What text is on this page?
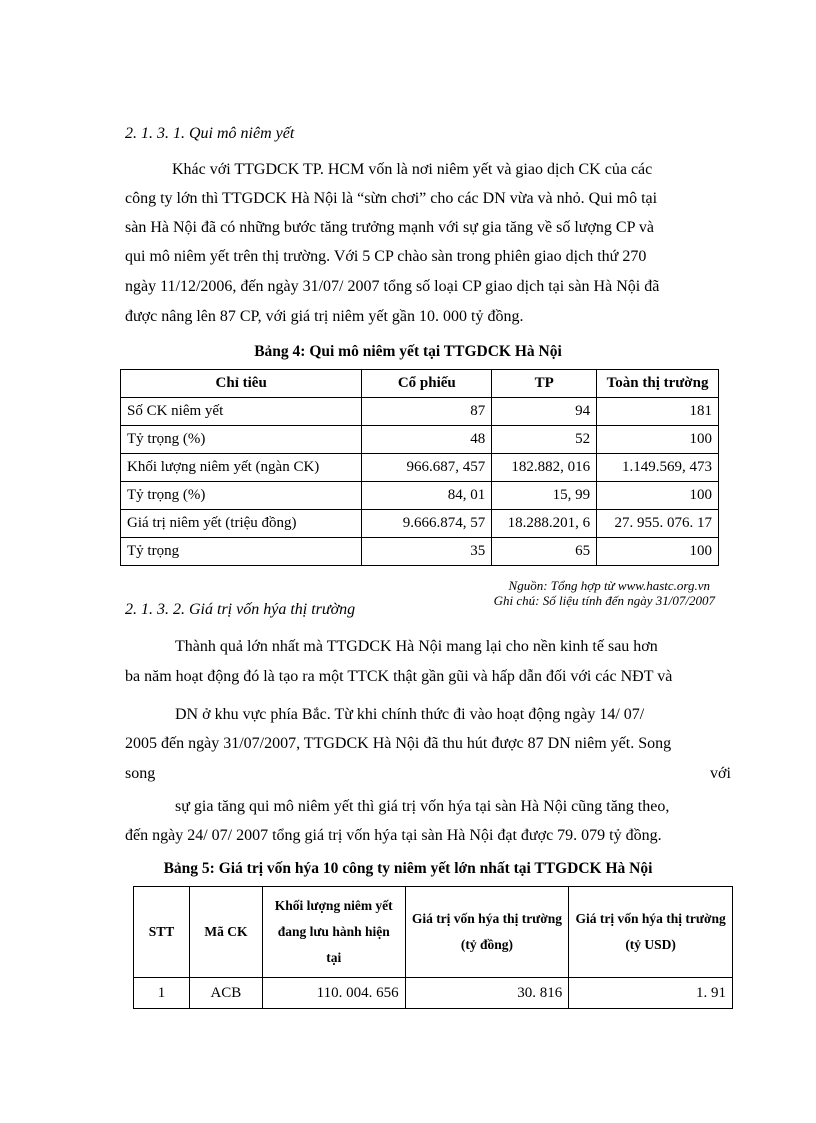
2. 1. 3. 1. Qui mô niêm yết
Khác với TTGDCK TP. HCM vốn là nơi niêm yết và giao dịch CK của các
công ty lớn thì TTGDCK Hà Nội là “sừn chơi” cho các DN vừa và nhỏ. Qui mô tại
sàn Hà Nội đã có những bước tăng trưởng mạnh với sự gia tăng về số lượng CP và
qui mô niêm yết trên thị trường. Với 5 CP chào sàn trong phiên giao dịch thứ 270
ngày 11/12/2006, đến ngày 31/07/ 2007 tổng số loại CP giao dịch tại sàn Hà Nội đã
được nâng lên 87 CP, với giá trị niêm yết gần 10. 000 tỷ đồng.
Bảng 4: Qui mô niêm yết tại TTGDCK Hà Nội
Chỉ tiêu	Cổ phiếu	TP	Toàn thị trường
Số CK niêm yết	87	94	181
Tỷ trọng (%)	48	52	100
Khối lượng niêm yết (ngàn CK)	966.687, 457	182.882, 016	1.149.569, 473
Tỷ trọng (%)	84, 01	15, 99	100
Giá trị niêm yết (triệu đồng)	9.666.874, 57	18.288.201, 6	27. 955. 076. 17
Tỷ trọng	35	65	100
Nguồn: Tổng hợp từ www.hastc.org.vn
Ghi chú: Số liệu tính đến ngày 31/07/2007
2. 1. 3. 2. Giá trị vốn hýa thị trường
Thành quả lớn nhất mà TTGDCK Hà Nội mang lại cho nền kinh tế sau hơn
ba năm hoạt động đó là tạo ra một TTCK thật gần gũi và hấp dẫn đối với các NĐT và
DN ở khu vực phía Bắc. Từ khi chính thức đi vào hoạt động ngày 14/ 07/
2005 đến ngày 31/07/2007, TTGDCK Hà Nội đã thu hút được 87 DN niêm yết. Song
song	với
sự gia tăng qui mô niêm yết thì giá trị vốn hýa tại sàn Hà Nội cũng tăng theo,
đến ngày 24/ 07/ 2007 tổng giá trị vốn hýa tại sàn Hà Nội đạt được 79. 079 tỷ đồng.
Bảng 5: Giá trị vốn hýa 10 công ty niêm yết lớn nhất tại TTGDCK Hà Nội
STT	Mã CK	Khối lượng niêm yết đang lưu hành hiện tại	Giá trị vốn hýa thị trường (tỷ đồng)	Giá trị vốn hýa thị trường (tỷ USD)
1	ACB	110. 004. 656	30. 816	1. 91
